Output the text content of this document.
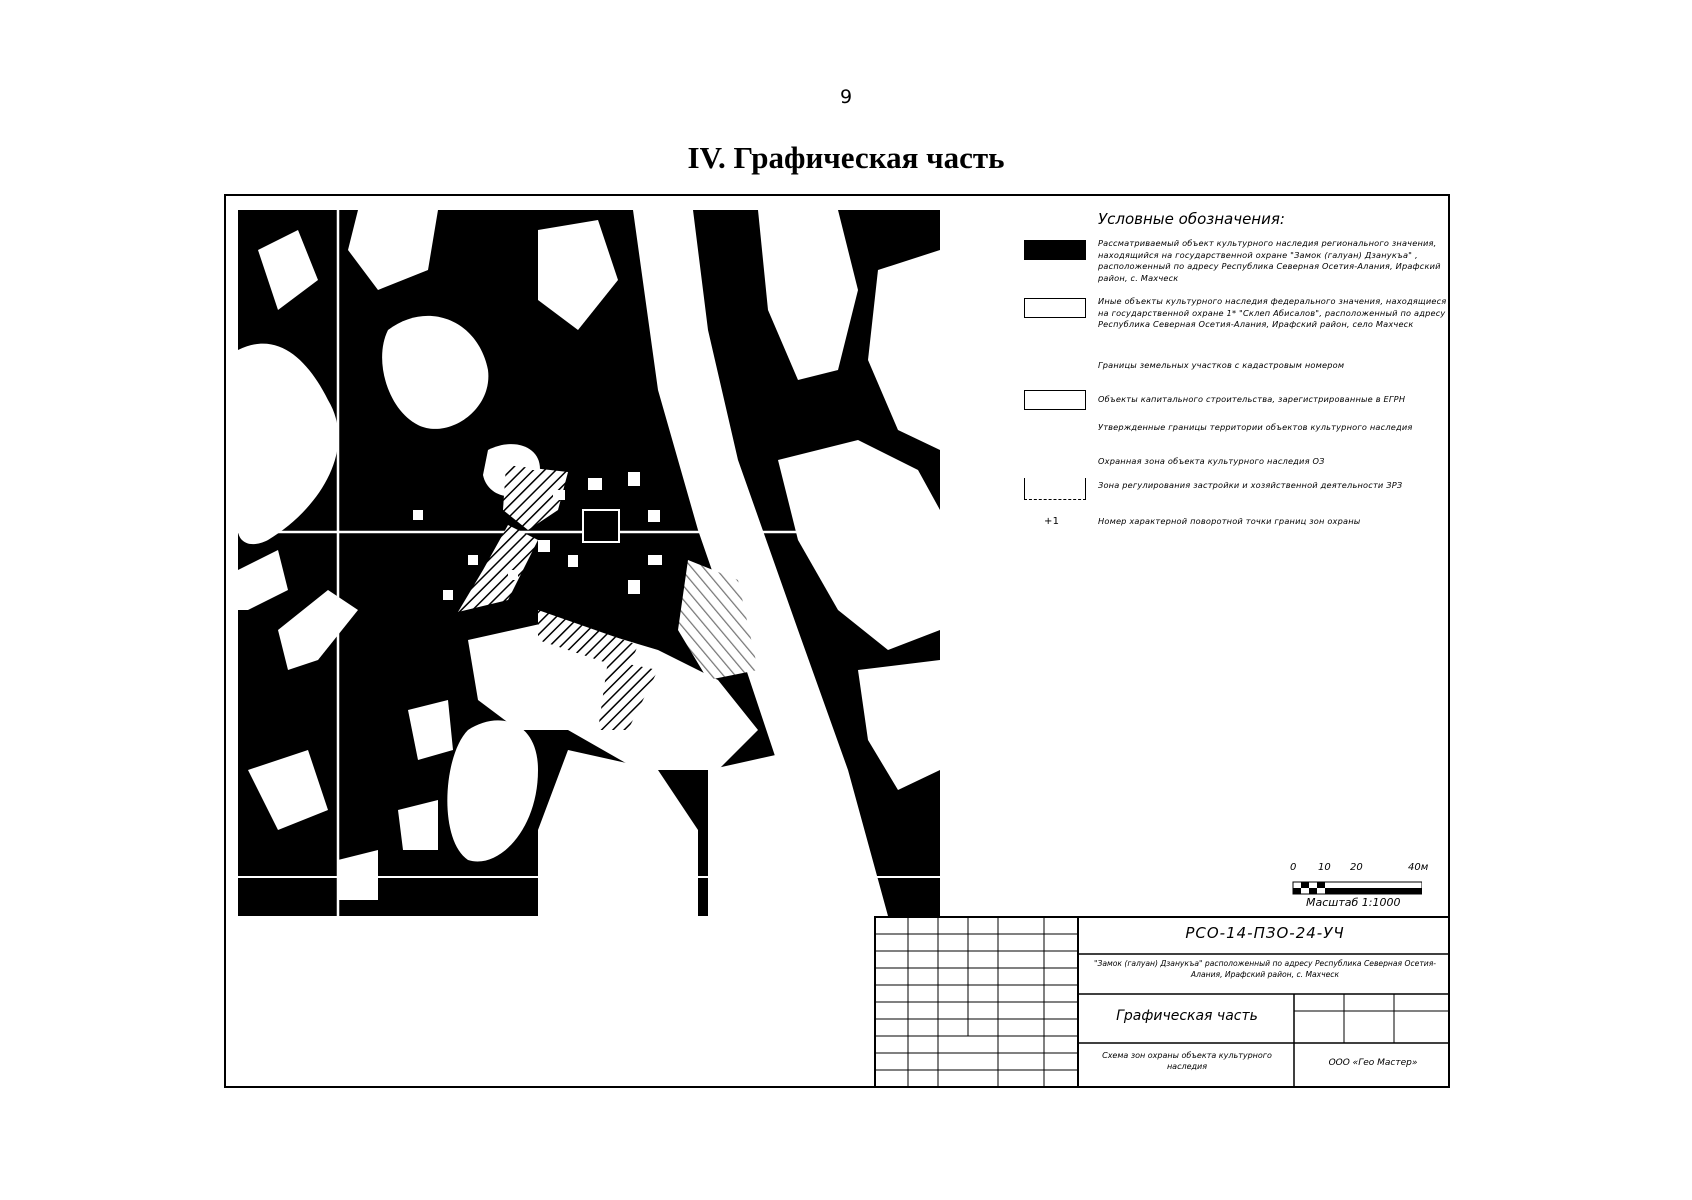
9
IV. Графическая часть
Условные обозначения:
Рассматриваемый объект культурного наследия регионального значения, находящийся на государственной охране "Замок (галуан) Дзанукъа" , расположенный по адресу Республика Северная Осетия-Алания, Ирафский район, с. Махческ
Иные объекты культурного наследия федерального значения, находящиеся на государственной охране 1* "Склеп Абисалов", расположенный по адресу Республика Северная Осетия-Алания, Ирафский район, село Махческ
Границы земельных участков с кадастровым номером
Объекты капитального строительства, зарегистрированные в ЕГРН
Утвержденные границы территории объектов культурного наследия
Охранная зона объекта культурного наследия ОЗ
Зона регулирования застройки и хозяйственной деятельности ЗРЗ
+1	Номер характерной поворотной точки границ зон охраны
0 10 20	40м
Масштаб 1:1000
РСО-14-ПЗО-24-УЧ
"Замок (галуан) Дзанукъа" расположенный по адресу Республика Северная Осетия-Алания, Ирафский район, с. Махческ
Графическая часть
Схема зон охраны объекта культурного наследия	ООО «Гео Мастер»
